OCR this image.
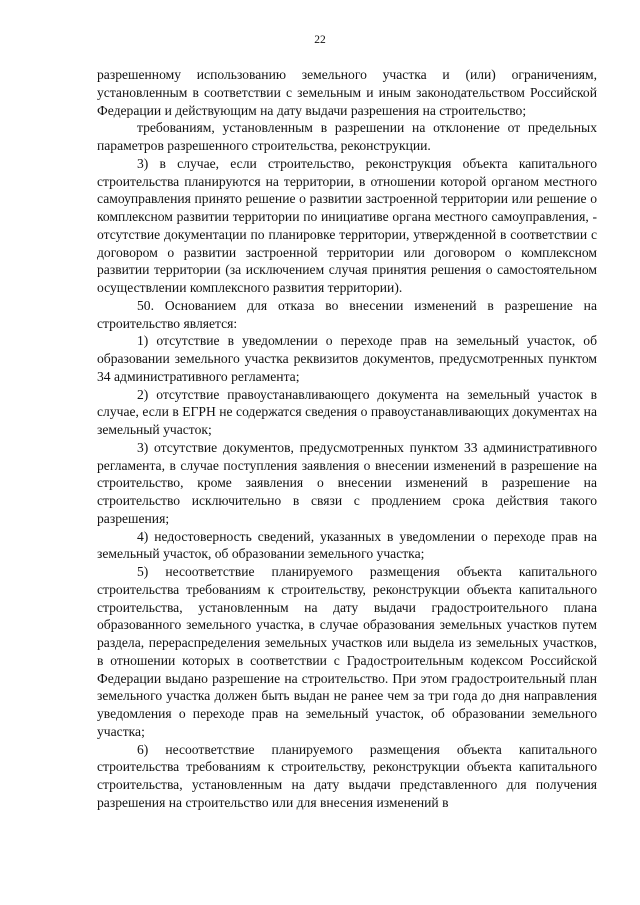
22

разрешенному использованию земельного участка и (или) ограничениям, установленным в соответствии с земельным и иным законодательством Российской Федерации и действующим на дату выдачи разрешения на строительство;

требованиям, установленным в разрешении на отклонение от предельных параметров разрешенного строительства, реконструкции.

3) в случае, если строительство, реконструкция объекта капитального строительства планируются на территории, в отношении которой органом местного самоуправления принято решение о развитии застроенной территории или решение о комплексном развитии территории по инициативе органа местного самоуправления, - отсутствие документации по планировке территории, утвержденной в соответствии с договором о развитии застроенной территории или договором о комплексном развитии территории (за исключением случая принятия решения о самостоятельном осуществлении комплексного развития территории).

50. Основанием для отказа во внесении изменений в разрешение на строительство является:

1) отсутствие в уведомлении о переходе прав на земельный участок, об образовании земельного участка реквизитов документов, предусмотренных пунктом 34 административного регламента;

2) отсутствие правоустанавливающего документа на земельный участок в случае, если в ЕГРН не содержатся сведения о правоустанавливающих документах на земельный участок;

3) отсутствие документов, предусмотренных пунктом 33 административного регламента, в случае поступления заявления о внесении изменений в разрешение на строительство, кроме заявления о внесении изменений в разрешение на строительство исключительно в связи с продлением срока действия такого разрешения;

4) недостоверность сведений, указанных в уведомлении о переходе прав на земельный участок, об образовании земельного участка;

5) несоответствие планируемого размещения объекта капитального строительства требованиям к строительству, реконструкции объекта капитального строительства, установленным на дату выдачи градостроительного плана образованного земельного участка, в случае образования земельных участков путем раздела, перераспределения земельных участков или выдела из земельных участков, в отношении которых в соответствии с Градостроительным кодексом Российской Федерации выдано разрешение на строительство. При этом градостроительный план земельного участка должен быть выдан не ранее чем за три года до дня направления уведомления о переходе прав на земельный участок, об образовании земельного участка;

6) несоответствие планируемого размещения объекта капитального строительства требованиям к строительству, реконструкции объекта капитального строительства, установленным на дату выдачи представленного для получения разрешения на строительство или для внесения изменений в
